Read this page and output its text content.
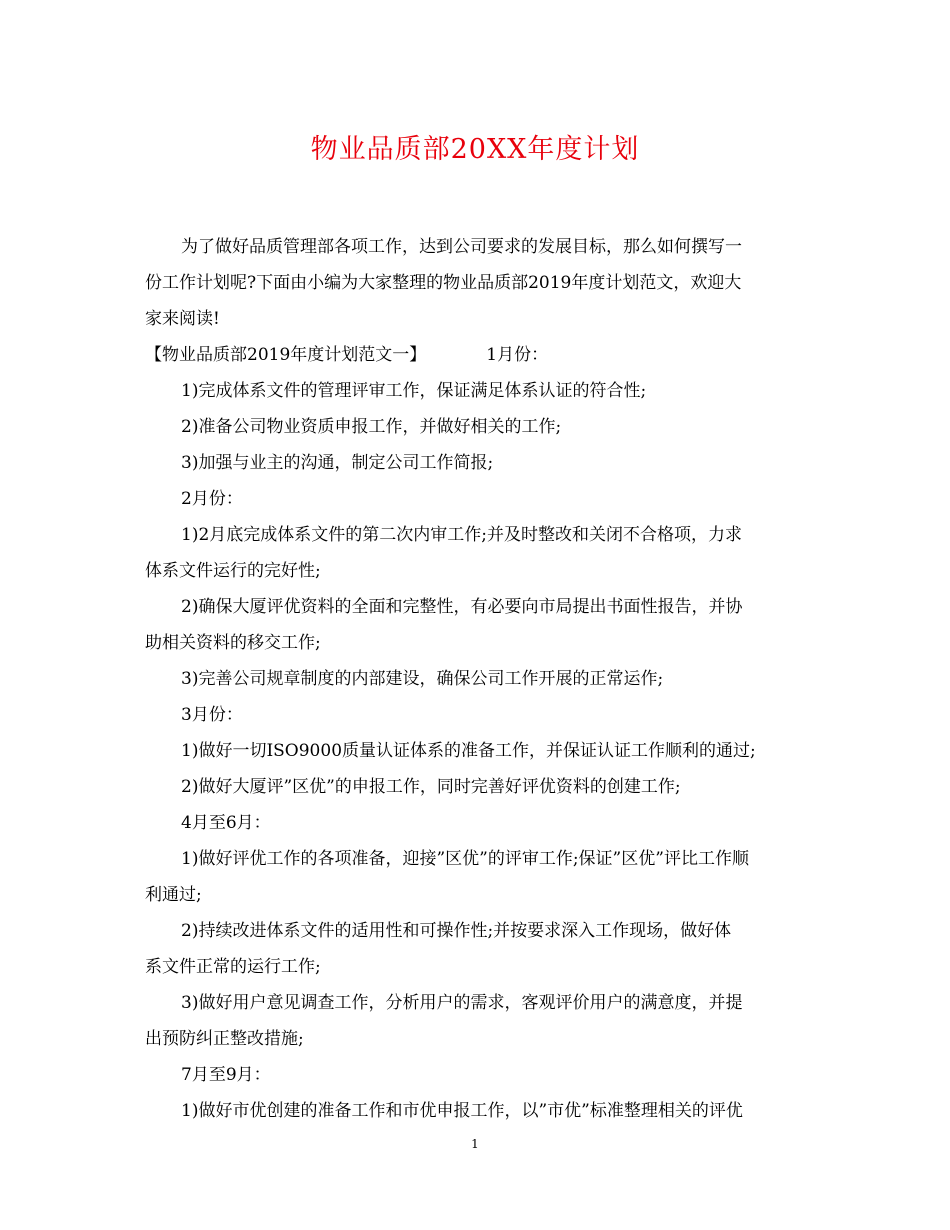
物业品质部20XX年度计划

为了做好品质管理部各项工作，达到公司要求的发展目标，那么如何撰写一

份工作计划呢?下面由小编为大家整理的物业品质部2019年度计划范文，欢迎大

家来阅读!

【物业品质部2019年度计划范文一】	1月份：

1)完成体系文件的管理评审工作，保证满足体系认证的符合性;

2)准备公司物业资质申报工作，并做好相关的工作;

3)加强与业主的沟通，制定公司工作简报;

2月份：

1)2月底完成体系文件的第二次内审工作;并及时整改和关闭不合格项，力求

体系文件运行的完好性;

2)确保大厦评优资料的全面和完整性，有必要向市局提出书面性报告，并协

助相关资料的移交工作;

3)完善公司规章制度的内部建设，确保公司工作开展的正常运作;

3月份：

1)做好一切ISO9000质量认证体系的准备工作，并保证认证工作顺利的通过;

2)做好大厦评”区优”的申报工作，同时完善好评优资料的创建工作;

4月至6月：

1)做好评优工作的各项准备，迎接”区优”的评审工作;保证”区优”评比工作顺

利通过;

2)持续改进体系文件的适用性和可操作性;并按要求深入工作现场，做好体

系文件正常的运行工作;

3)做好用户意见调查工作，分析用户的需求，客观评价用户的满意度，并提

出预防纠正整改措施;

7月至9月：

1)做好市优创建的准备工作和市优申报工作，以”市优”标准整理相关的评优

1
